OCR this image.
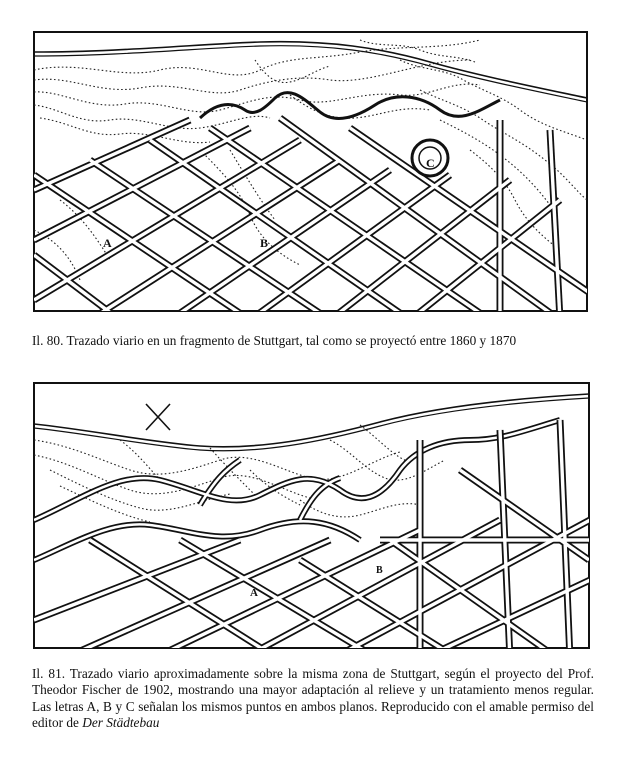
A	B
C
A
B
Il. 80. Trazado viario en un fragmento de Stuttgart, tal como se proyectó entre 1860 y 1870
Il. 81. Trazado viario aproximadamente sobre la misma zona de Stuttgart, según el proyecto del Prof. Theodor Fischer de 1902, mostrando una mayor adaptación al relieve y un tratamiento menos regular. Las letras A, B y C señalan los mismos puntos en ambos planos. Reproducido con el amable permiso del editor de Der Städtebau
